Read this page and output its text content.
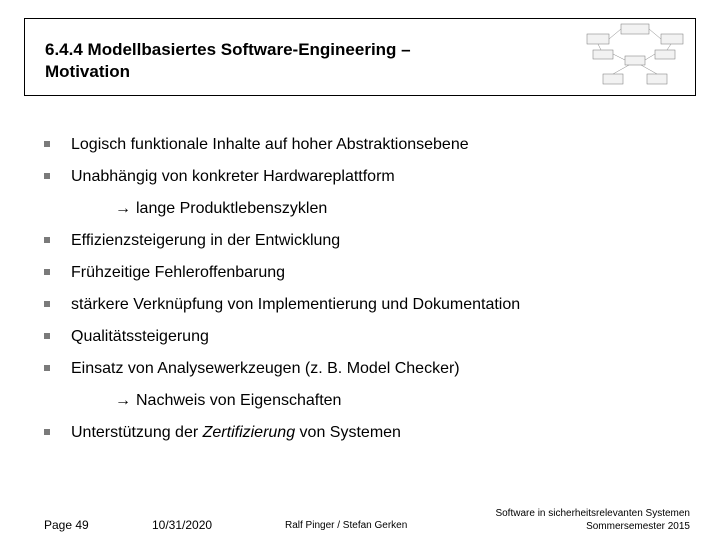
6.4.4 Modellbasiertes Software-Engineering –
Motivation
Logisch funktionale Inhalte auf hoher Abstraktionsebene
Unabhängig von konkreter Hardwareplattform
→ lange Produktlebenszyklen
Effizienzsteigerung in der Entwicklung
Frühzeitige Fehleroffenbarung
stärkere Verknüpfung von Implementierung und Dokumentation
Qualitätssteigerung
Einsatz von Analysewerkzeugen (z. B. Model Checker)
→ Nachweis von Eigenschaften
Unterstützung der Zertifizierung von Systemen
Page 49	10/31/2020	Ralf Pinger / Stefan Gerken
Software in sicherheitsrelevanten Systemen
Sommersemester 2015
